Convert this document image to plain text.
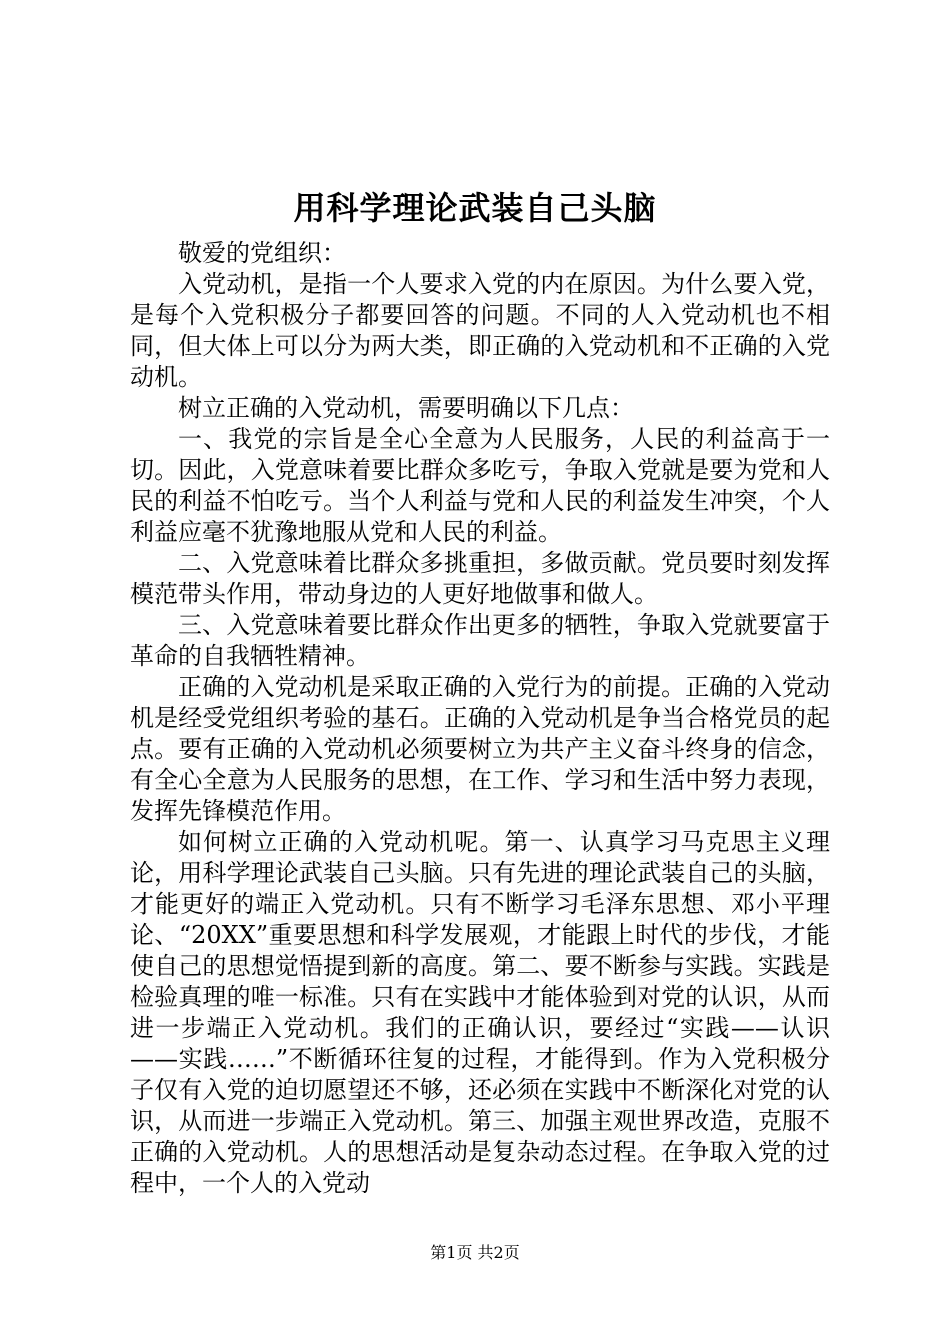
用科学理论武装自己头脑

敬爱的党组织：

入党动机，是指一个人要求入党的内在原因。为什么要入党，是每个入党积极分子都要回答的问题。不同的人入党动机也不相同，但大体上可以分为两大类，即正确的入党动机和不正确的入党动机。

树立正确的入党动机，需要明确以下几点：

一、我党的宗旨是全心全意为人民服务，人民的利益高于一切。因此，入党意味着要比群众多吃亏，争取入党就是要为党和人民的利益不怕吃亏。当个人利益与党和人民的利益发生冲突，个人利益应毫不犹豫地服从党和人民的利益。

二、入党意味着比群众多挑重担，多做贡献。党员要时刻发挥模范带头作用，带动身边的人更好地做事和做人。

三、入党意味着要比群众作出更多的牺牲，争取入党就要富于革命的自我牺牲精神。

正确的入党动机是采取正确的入党行为的前提。正确的入党动机是经受党组织考验的基石。正确的入党动机是争当合格党员的起点。要有正确的入党动机必须要树立为共产主义奋斗终身的信念，有全心全意为人民服务的思想，在工作、学习和生活中努力表现，发挥先锋模范作用。

如何树立正确的入党动机呢。第一、认真学习马克思主义理论，用科学理论武装自己头脑。只有先进的理论武装自己的头脑，才能更好的端正入党动机。只有不断学习毛泽东思想、邓小平理论、“20XX”重要思想和科学发展观，才能跟上时代的步伐，才能使自己的思想觉悟提到新的高度。第二、要不断参与实践。实践是检验真理的唯一标准。只有在实践中才能体验到对党的认识，从而进一步端正入党动机。我们的正确认识，要经过“实践——认识——实践……”不断循环往复的过程，才能得到。作为入党积极分子仅有入党的迫切愿望还不够，还必须在实践中不断深化对党的认识，从而进一步端正入党动机。第三、加强主观世界改造，克服不正确的入党动机。人的思想活动是复杂动态过程。在争取入党的过程中，一个人的入党动

第1页 共2页
